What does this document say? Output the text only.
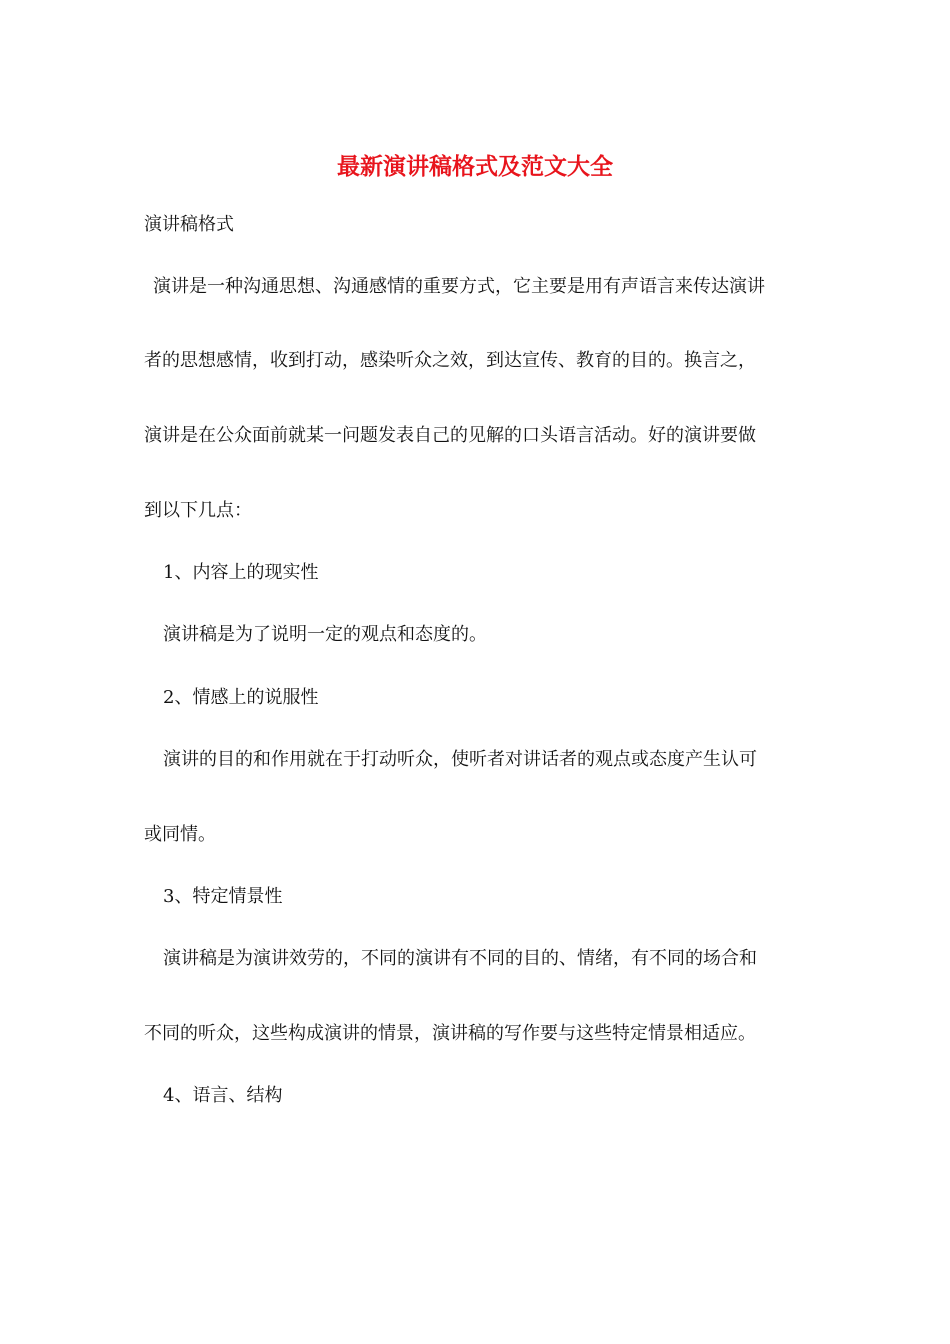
最新演讲稿格式及范文大全
演讲稿格式
演讲是一种沟通思想、沟通感情的重要方式，它主要是用有声语言来传达演讲
者的思想感情，收到打动，感染听众之效，到达宣传、教育的目的。换言之，
演讲是在公众面前就某一问题发表自己的见解的口头语言活动。好的演讲要做
到以下几点：
1、内容上的现实性
演讲稿是为了说明一定的观点和态度的。
2、情感上的说服性
演讲的目的和作用就在于打动听众，使听者对讲话者的观点或态度产生认可
或同情。
3、特定情景性
演讲稿是为演讲效劳的，不同的演讲有不同的目的、情绪，有不同的场合和
不同的听众，这些构成演讲的情景，演讲稿的写作要与这些特定情景相适应。
4、语言、结构
